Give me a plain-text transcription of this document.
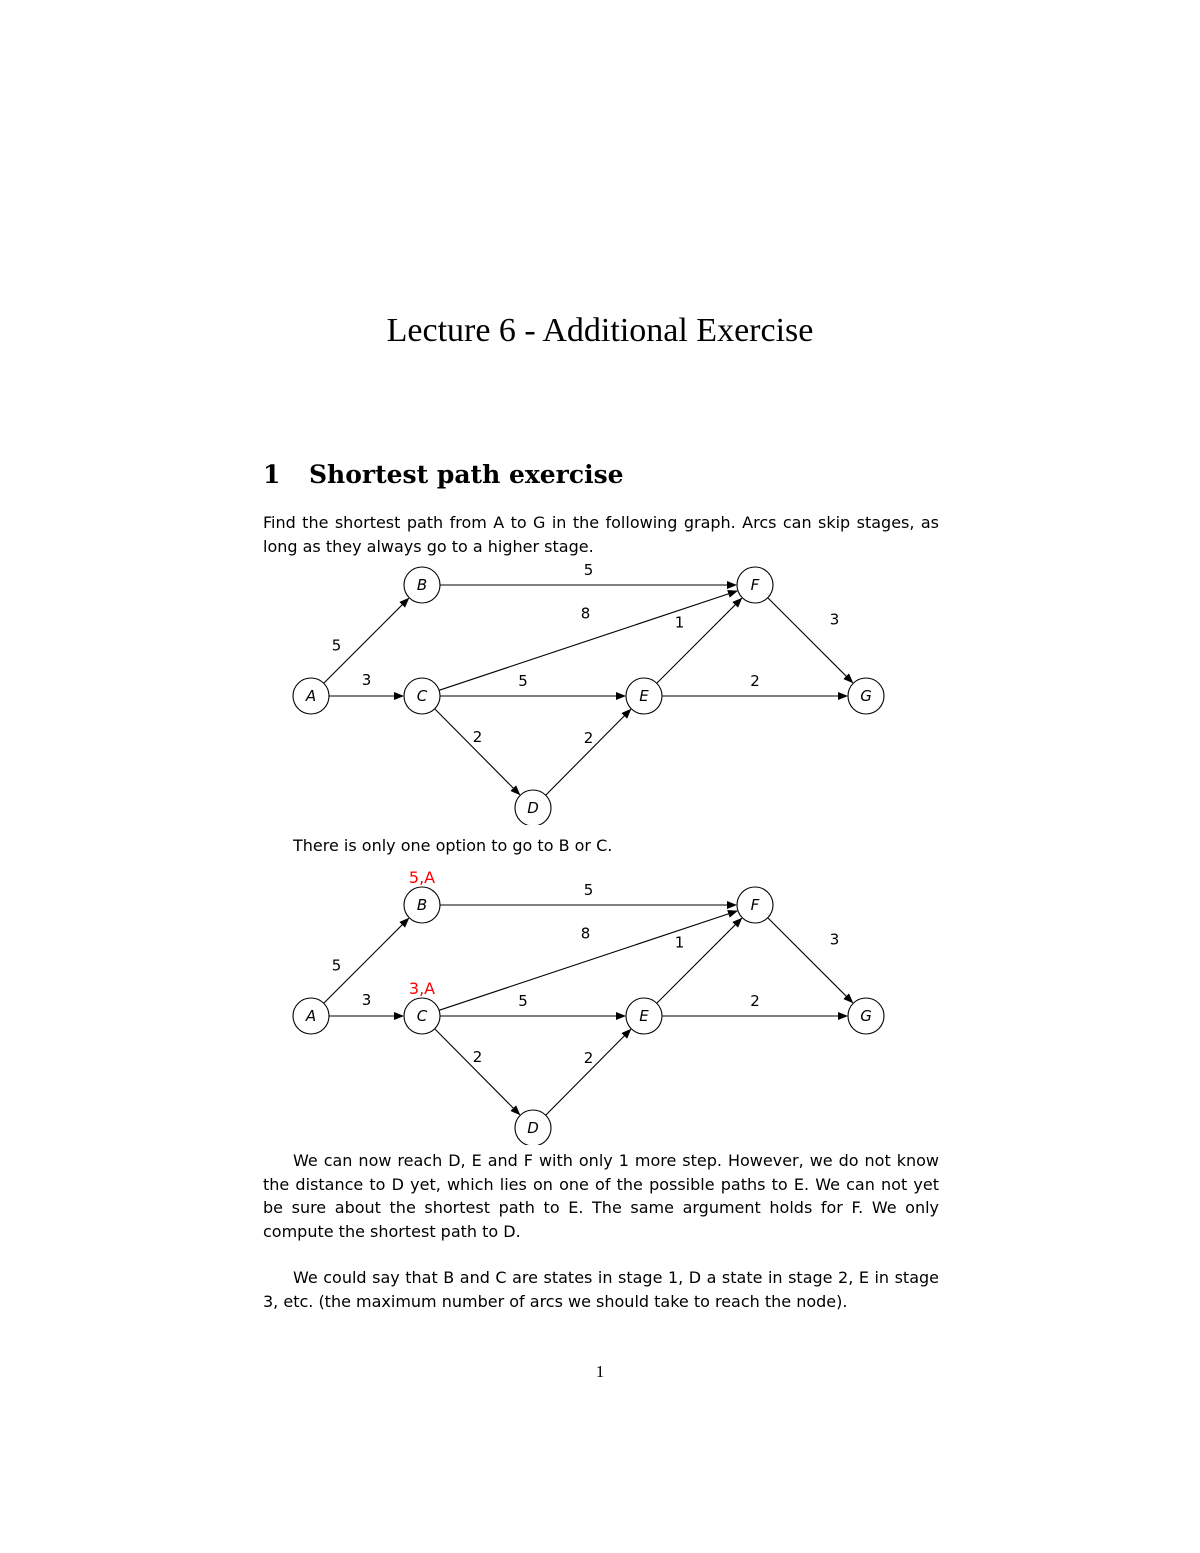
Lecture 6 - Additional Exercise
1 Shortest path exercise

Find the shortest path from A to G in the following graph. Arcs can skip stages, as long as they always go to a higher stage.

5
3
5
8
5
2	2
1
2
3
A
B
C
D
E
F
G

There is only one option to go to B or C.

5
3
5
8
5
2	2
1
2
3
A
B
C
D
E
F
G
5,A
3,A

We can now reach D, E and F with only 1 more step. However, we do not know the distance to D yet, which lies on one of the possible paths to E. We can not yet be sure about the shortest path to E. The same argument holds for F. We only compute the shortest path to D.

We could say that B and C are states in stage 1, D a state in stage 2, E in stage 3, etc. (the maximum number of arcs we should take to reach the node).

1
